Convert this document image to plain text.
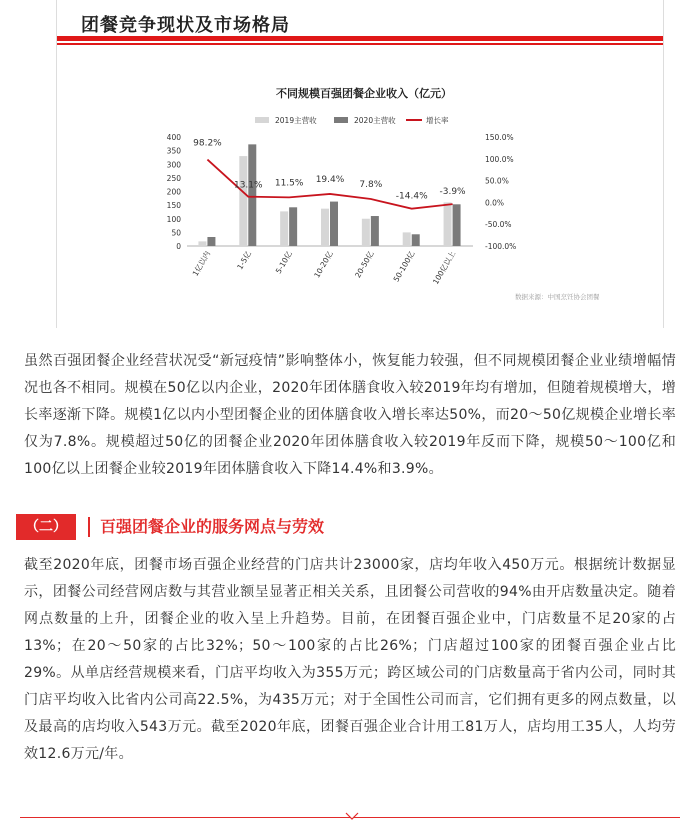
团餐竞争现状及市场格局
不同规模百强团餐企业收入（亿元）
2019主营收	2020主营收	增长率
400
350
300
250
200
150
100
50
0
150.0%
100.0%
50.0%
0.0%
-50.0%
-100.0%
98.2%
13.1% 11.5% 19.4%
7.8%
-14.4% -3.9%
1亿以内	1-5亿	5-10亿 10-20亿 20-50亿 50-100亿 100亿以上
数据来源：中国烹饪协会团餐

虽然百强团餐企业经营状况受“新冠疫情”影响整体小，恢复能力较强，但不同规模团餐企业业绩增幅情况也各不相同。规模在50亿以内企业，2020年团体膳食收入较2019年均有增加，但随着规模增大，增长率逐渐下降。规模1亿以内小型团餐企业的团体膳食收入增长率达50%，而20～50亿规模企业增长率仅为7.8%。规模超过50亿的团餐企业2020年团体膳食收入较2019年反而下降，规模50～100亿和100亿以上团餐企业较2019年团体膳食收入下降14.4%和3.9%。

（二）	百强团餐企业的服务网点与劳效

截至2020年底，团餐市场百强企业经营的门店共计23000家，店均年收入450万元。根据统计数据显示，团餐公司经营网店数与其营业额呈显著正相关关系，且团餐公司营收的94%由开店数量决定。随着网点数量的上升，团餐企业的收入呈上升趋势。目前，在团餐百强企业中，门店数量不足20家的占13%；在20～50家的占比32%；50～100家的占比26%；门店超过100家的团餐百强企业占比29%。从单店经营规模来看，门店平均收入为355万元；跨区域公司的门店数量高于省内公司，同时其门店平均收入比省内公司高22.5%，为435万元；对于全国性公司而言，它们拥有更多的网点数量，以及最高的店均收入543万元。截至2020年底，团餐百强企业合计用工81万人，店均用工35人，人均劳效12.6万元/年。
